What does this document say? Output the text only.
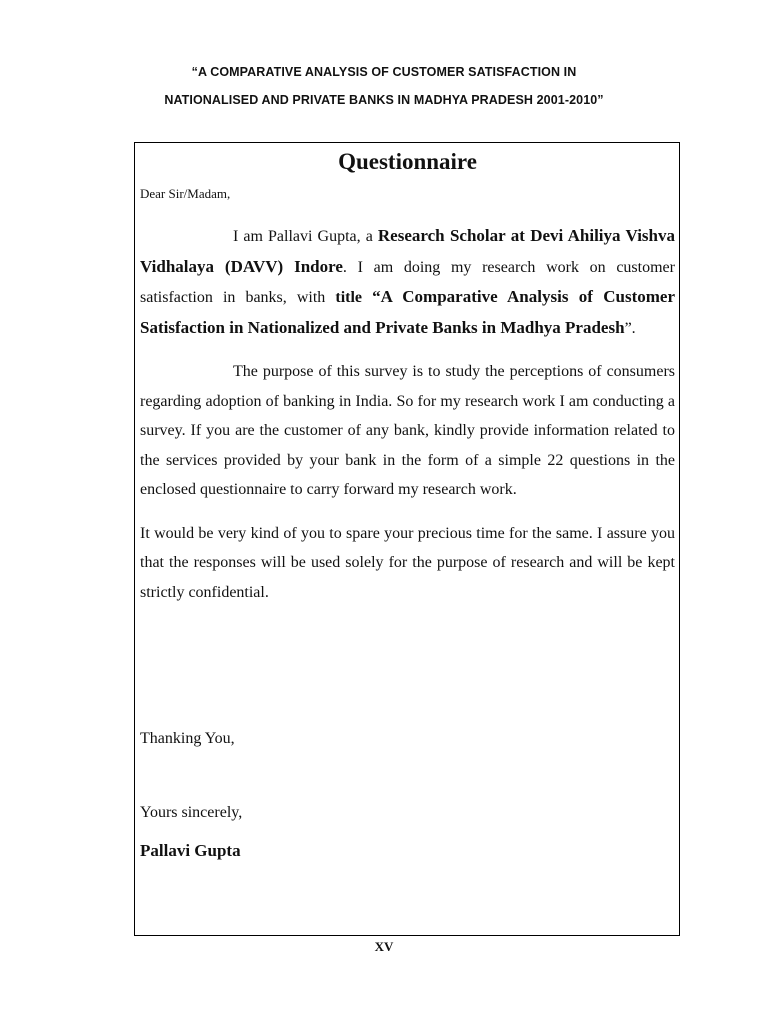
“A COMPARATIVE ANALYSIS OF CUSTOMER SATISFACTION IN
NATIONALISED AND PRIVATE BANKS IN MADHYA PRADESH 2001-2010”
Questionnaire
Dear Sir/Madam,
I am Pallavi Gupta, a Research Scholar at Devi Ahiliya Vishva Vidhalaya (DAVV) Indore. I am doing my research work on customer satisfaction in banks, with title “A Comparative Analysis of Customer Satisfaction in Nationalized and Private Banks in Madhya Pradesh”.
The purpose of this survey is to study the perceptions of consumers regarding adoption of banking in India. So for my research work I am conducting a survey. If you are the customer of any bank, kindly provide information related to the services provided by your bank in the form of a simple 22 questions in the enclosed questionnaire to carry forward my research work.
It would be very kind of you to spare your precious time for the same. I assure you that the responses will be used solely for the purpose of research and will be kept strictly confidential.
Thanking You,
Yours sincerely,
Pallavi Gupta
XV
